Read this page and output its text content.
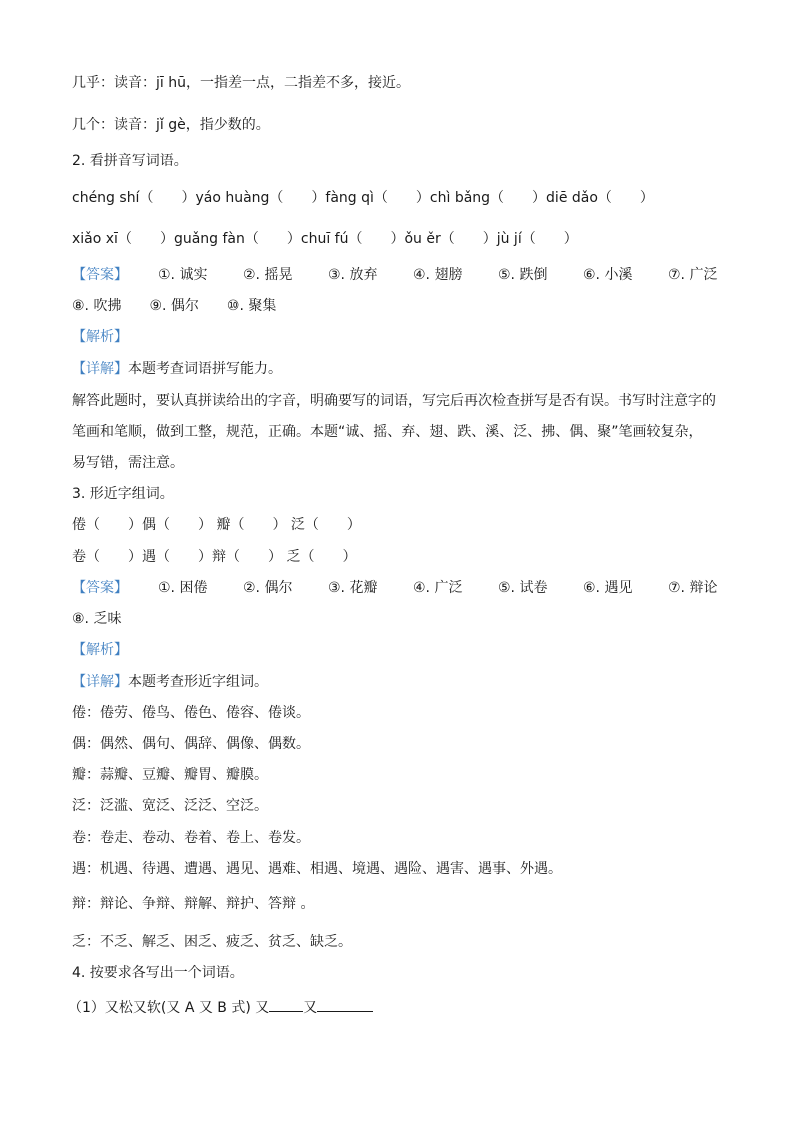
几乎：读音：jī hū，一指差一点，二指差不多，接近。
几个：读音：jǐ gè，指少数的。
2. 看拼音写词语。
chéng shí（　　）yáo huàng（　　）fàng qì（　　）chì bǎng（　　）diē dǎo（　　）
xiǎo xī（　　）guǎng fàn（　　）chuī fú（　　）ǒu ěr（　　）jù jí（　　）
【答案】 ①. 诚实	②. 摇晃	③. 放弃	④. 翅膀	⑤. 跌倒	⑥. 小溪	⑦. 广泛
⑧. 吹拂　　⑨. 偶尔　　⑩. 聚集
【解析】
【详解】本题考查词语拼写能力。
解答此题时，要认真拼读给出的字音，明确要写的词语，写完后再次检查拼写是否有误。书写时注意字的
笔画和笔顺，做到工整，规范，正确。本题“诚、摇、弃、翅、跌、溪、泛、拂、偶、聚”笔画较复杂，
易写错，需注意。
3. 形近字组词。
倦（　　）偶（　　） 瓣（　　） 泛（　　）
卷（　　）遇（　　）辩（　　） 乏（　　）
【答案】 ①. 困倦	②. 偶尔	③. 花瓣	④. 广泛	⑤. 试卷	⑥. 遇见	⑦. 辩论
⑧. 乏味
【解析】
【详解】本题考查形近字组词。
倦：倦劳、倦鸟、倦色、倦容、倦谈。
偶：偶然、偶句、偶辞、偶像、偶数。
瓣：蒜瓣、豆瓣、瓣胃、瓣膜。
泛：泛滥、宽泛、泛泛、空泛。
卷：卷走、卷动、卷着、卷上、卷发。
遇：机遇、待遇、遭遇、遇见、遇难、相遇、境遇、遇险、遇害、遇事、外遇。
辩：辩论、争辩、辩解、辩护、答辩 。
乏：不乏、解乏、困乏、疲乏、贫乏、缺乏。
4. 按要求各写出一个词语。
（1）又松又软(又 A 又 B 式) 又 又
